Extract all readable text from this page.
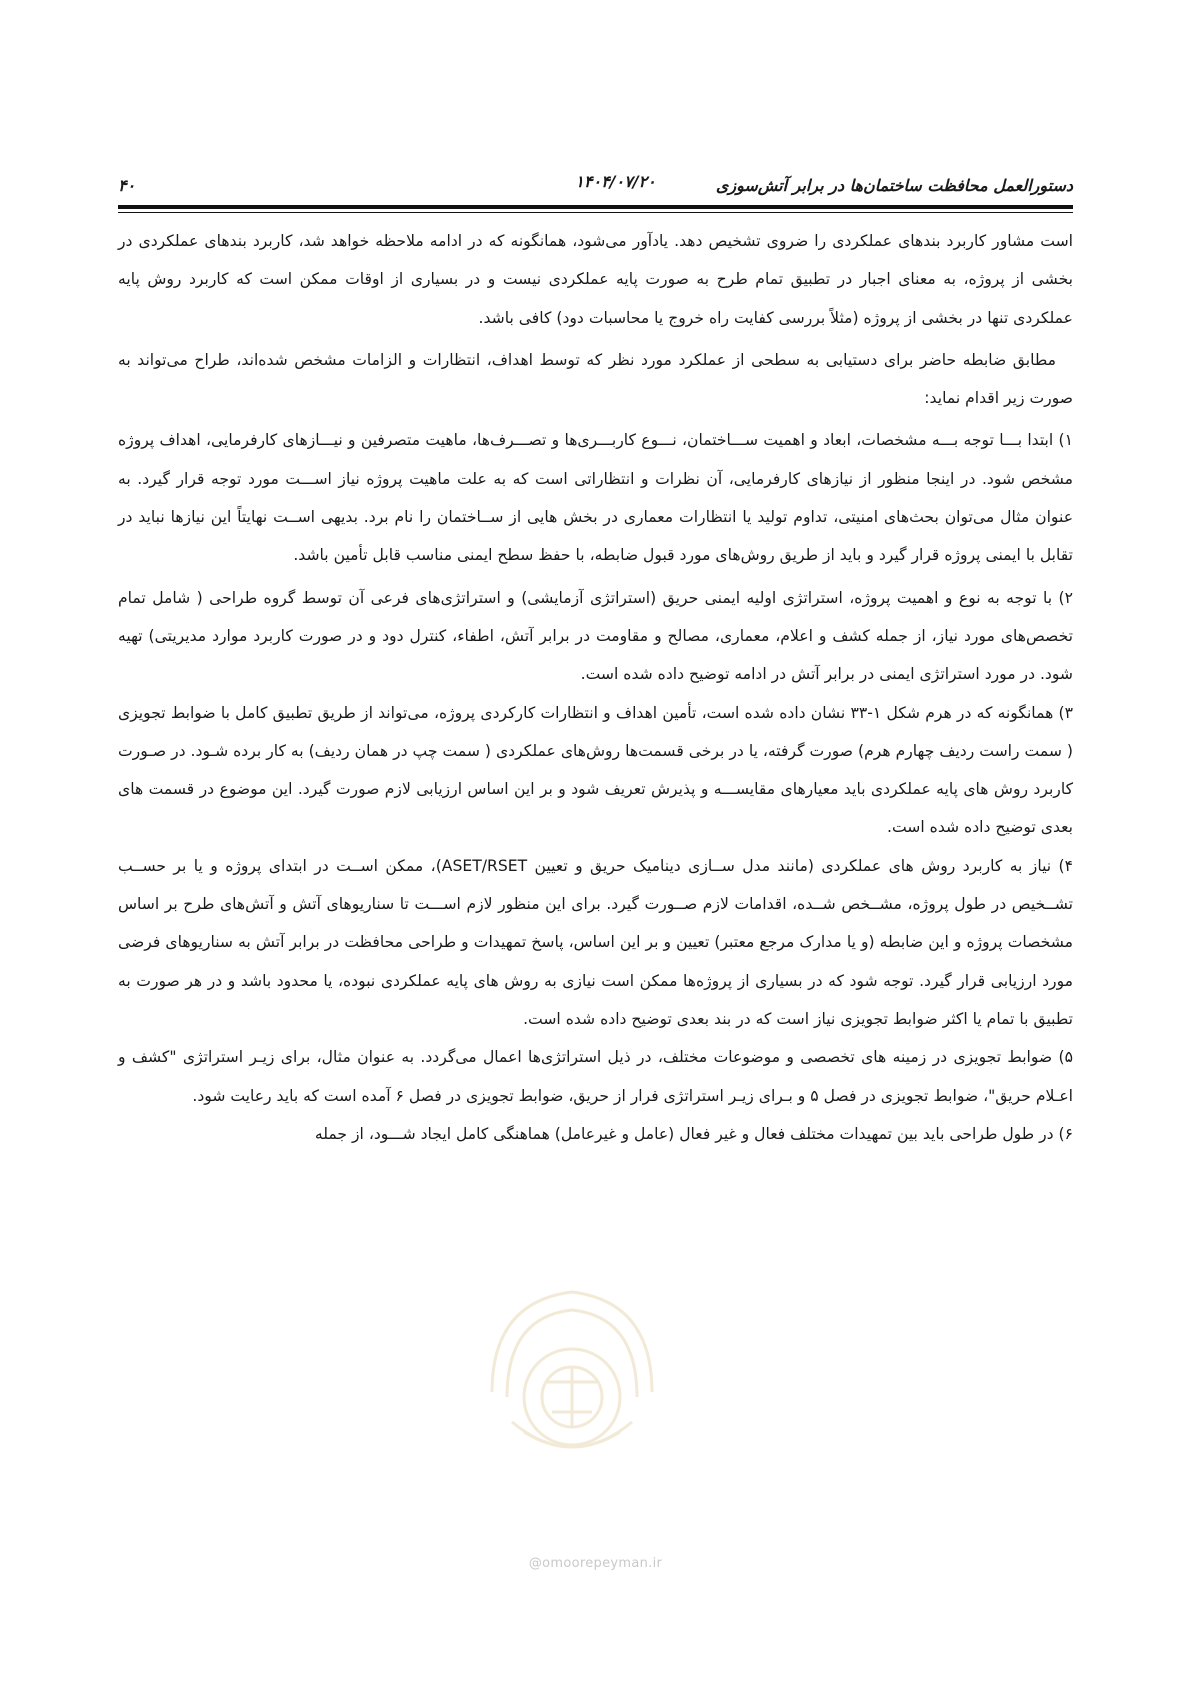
دستورالعمل محافظت ساختمان‌ها در برابر آتش‌سوزی
۱۴۰۴/۰۷/۲۰
۴۰

است مشاور کاربرد بندهای عملکردی را ضروی تشخیص دهد. یادآور می‌شود، همانگونه که در ادامه ملاحظه خواهد شد، کاربرد بندهای عملکردی در بخشی از پروژه، به معنای اجبار در تطبیق تمام طرح به صورت پایه عملکردی نیست و در بسیاری از اوقات ممکن است که کاربرد روش پایه عملکردی تنها در بخشی از پروژه (مثلاً بررسی کفایت راه خروج یا محاسبات دود) کافی باشد.

مطابق ضابطه حاضر برای دستیابی به سطحی از عملکرد مورد نظر که توسط اهداف، انتظارات و الزامات مشخص شده‌اند، طراح می‌تواند به صورت زیر اقدام نماید:

۱) ابتدا بـــا توجه بـــه مشخصات، ابعاد و اهمیت ســـاختمان، نـــوع کاربـــری‌ها و تصـــرف‌ها، ماهیت متصرفین و نیـــازهای کارفرمایی، اهداف پروژه مشخص شود. در اینجا منظور از نیازهای کارفرمایی، آن نظرات و انتظاراتی است که به علت ماهیت پروژه نیاز اســـت مورد توجه قرار گیرد. به عنوان مثال می‌توان بحث‌های امنیتی، تداوم تولید یا انتظارات معماری در بخش هایی از ســاختمان را نام برد. بدیهی اســت نهایتاً این نیازها نباید در تقابل با ایمنی پروژه قرار گیرد و باید از طریق روش‌های مورد قبول ضابطه، با حفظ سطح ایمنی مناسب قابل تأمین باشد.

۲) با توجه به نوع و اهمیت پروژه، استراتژی اولیه ایمنی حریق (استراتژی آزمایشی) و استراتژی‌های فرعی آن توسط گروه طراحی ( شامل تمام تخصص‌های مورد نیاز، از جمله کشف و اعلام، معماری، مصالح و مقاومت در برابر آتش، اطفاء، کنترل دود و در صورت کاربرد موارد مدیریتی) تهیه شود. در مورد استراتژی ایمنی در برابر آتش در ادامه توضیح داده شده است.

۳) همانگونه که در هرم شکل ۱-۳۳ نشان داده شده است، تأمین اهداف و انتظارات کارکردی پروژه، می‌تواند از طریق تطبیق کامل با ضوابط تجویزی ( سمت راست ردیف چهارم هرم) صورت گرفته، یا در برخی قسمت‌ها روش‌های عملکردی ( سمت چپ در همان ردیف) به کار برده شـود. در صـورت کاربرد روش های پایه عملکردی باید معیارهای مقایســـه و پذیرش تعریف شود و بر این اساس ارزیابی لازم صورت گیرد. این موضوع در قسمت های بعدی توضیح داده شده است.

۴) نیاز به کاربرد روش های عملکردی (مانند مدل ســازی دینامیک حریق و تعیین ASET/RSET)، ممکن اســت در ابتدای پروژه و یا بر حســب تشــخیص در طول پروژه، مشــخص شــده، اقدامات لازم صــورت گیرد. برای این منظور لازم اســـت تا سناریوهای آتش و آتش‌های طرح بر اساس مشخصات پروژه و این ضابطه (و یا مدارک مرجع معتبر) تعیین و بر این اساس، پاسخ تمهیدات و طراحی محافظت در برابر آتش به سناریوهای فرضی مورد ارزیابی قرار گیرد. توجه شود که در بسیاری از پروژه‌ها ممکن است نیازی به روش های پایه عملکردی نبوده، یا محدود باشد و در هر صورت به تطبیق با تمام یا اکثر ضوابط تجویزی نیاز است که در بند بعدی توضیح داده شده است.

۵) ضوابط تجویزی در زمینه های تخصصی و موضوعات مختلف، در ذیل استراتژی‌ها اعمال می‌گردد. به عنوان مثال، برای زیـر استراتژی "کشف و اعـلام حریق"، ضوابط تجویزی در فصل ۵ و بـرای زیـر استراتژی فرار از حریق، ضوابط تجویزی در فصل ۶ آمده است که باید رعایت شود.

۶) در طول طراحی باید بین تمهیدات مختلف فعال و غیر فعال (عامل و غیرعامل) هماهنگی کامل ایجاد شـــود، از جمله

@omoorepeyman.ir
